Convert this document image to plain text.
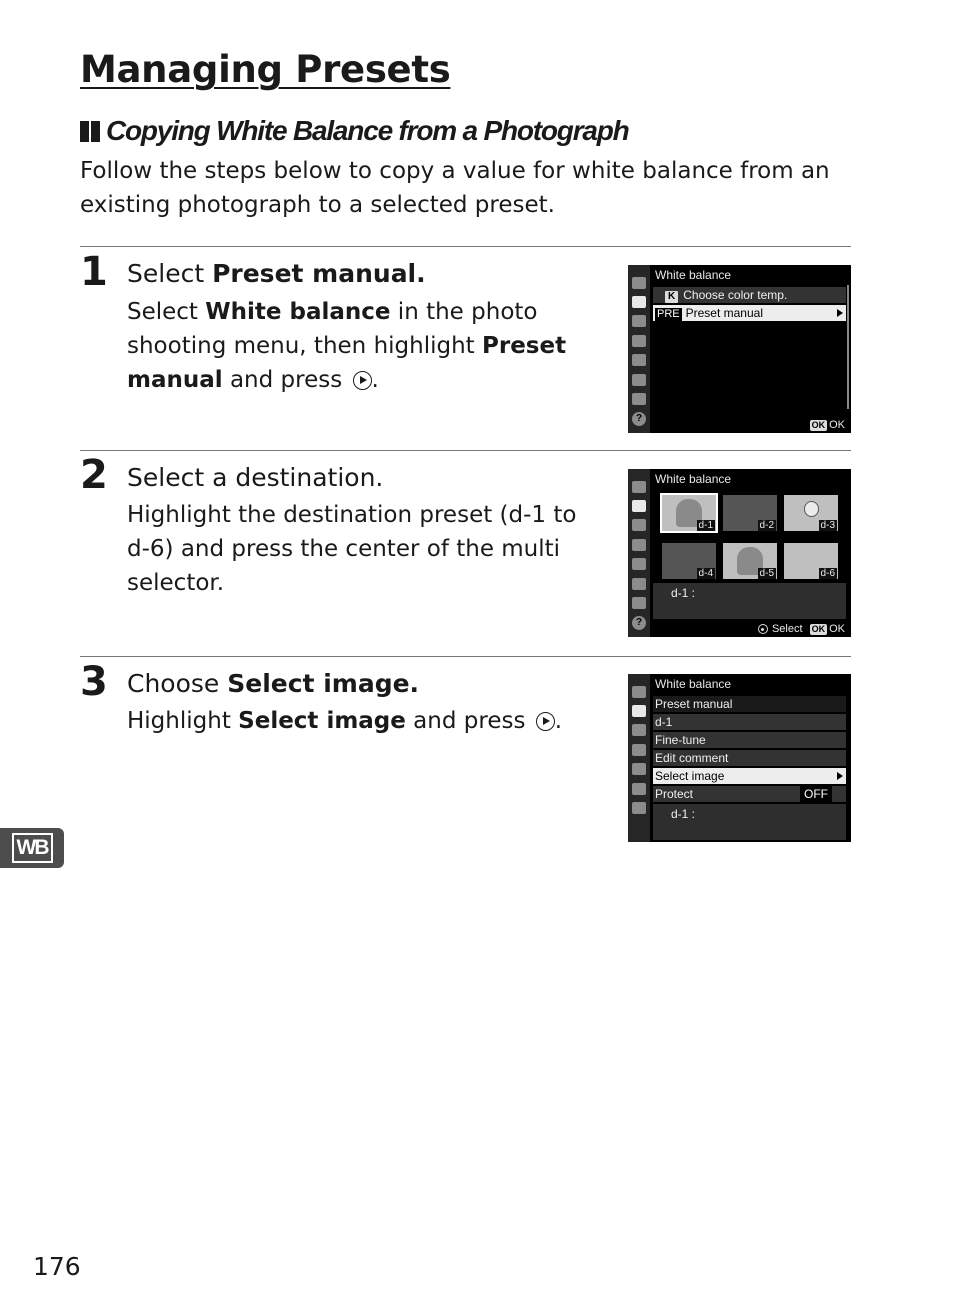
Managing Presets
Copying White Balance from a Photograph

Follow the steps below to copy a value for white balance from an existing photograph to a selected preset.

1 Select Preset manual.
Select White balance in the photo shooting menu, then highlight Preset manual and press .
?
White balance
K Choose color temp.
PRE Preset manual
OK OK
2 Select a destination.
Highlight the destination preset (d-1 to d-6) and press the center of the multi selector.
?
White balance
d-1	d-2	d-3
d-4	d-5	d-6
d-1 :
Select
OK OK
3 Choose Select image.
Highlight Select image and press .
White balance
Preset manual
d-1
Fine-tune
Edit comment
Select image
Protect	OFF
d-1 :
WB
176
